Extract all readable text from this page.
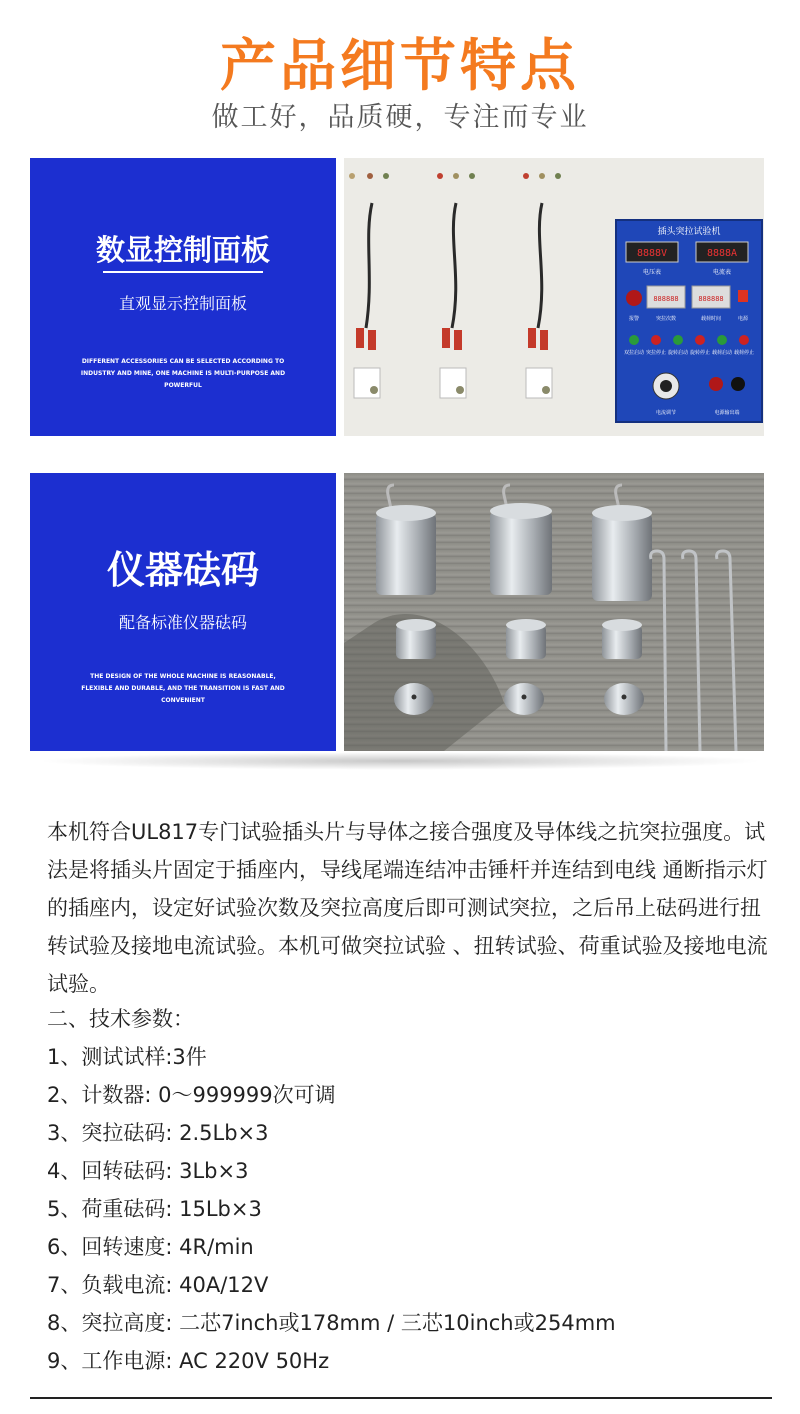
产品细节特点
做工好，品质硬，专注而专业
数显控制面板
直观显示控制面板
DIFFERENT ACCESSORIES CAN BE SELECTED ACCORDING TO INDUSTRY AND MINE, ONE MACHINE IS MULTI-PURPOSE AND POWERFUL
插头突拉试验机
8888V	8888A
电压表	电流表
888888	888888
报警	突拉次数	载荷时间	电源
双拉启动 突拉停止 旋转启动 旋转停止 载荷启动 载荷停止
电流调节	电源输出端
仪器砝码
配备标准仪器砝码
THE DESIGN OF THE WHOLE MACHINE IS REASONABLE, FLEXIBLE AND DURABLE, AND THE TRANSITION IS FAST AND CONVENIENT

本机符合UL817专门试验插头片与导体之接合强度及导体线之抗突拉强度。试法是将插头片固定于插座内，导线尾端连结冲击锤杆并连结到电线 通断指示灯的插座内，设定好试验次数及突拉高度后即可测试突拉，之后吊上砝码进行扭转试验及接地电流试验。本机可做突拉试验 、扭转试验、荷重试验及接地电流试验。

二、技术参数：
1、测试试样:3件
2、计数器: 0～999999次可调
3、突拉砝码: 2.5Lb×3
4、回转砝码: 3Lb×3
5、荷重砝码: 15Lb×3
6、回转速度: 4R/min
7、负载电流: 40A/12V
8、突拉高度: 二芯7inch或178mm / 三芯10inch或254mm
9、工作电源: AC 220V 50Hz
